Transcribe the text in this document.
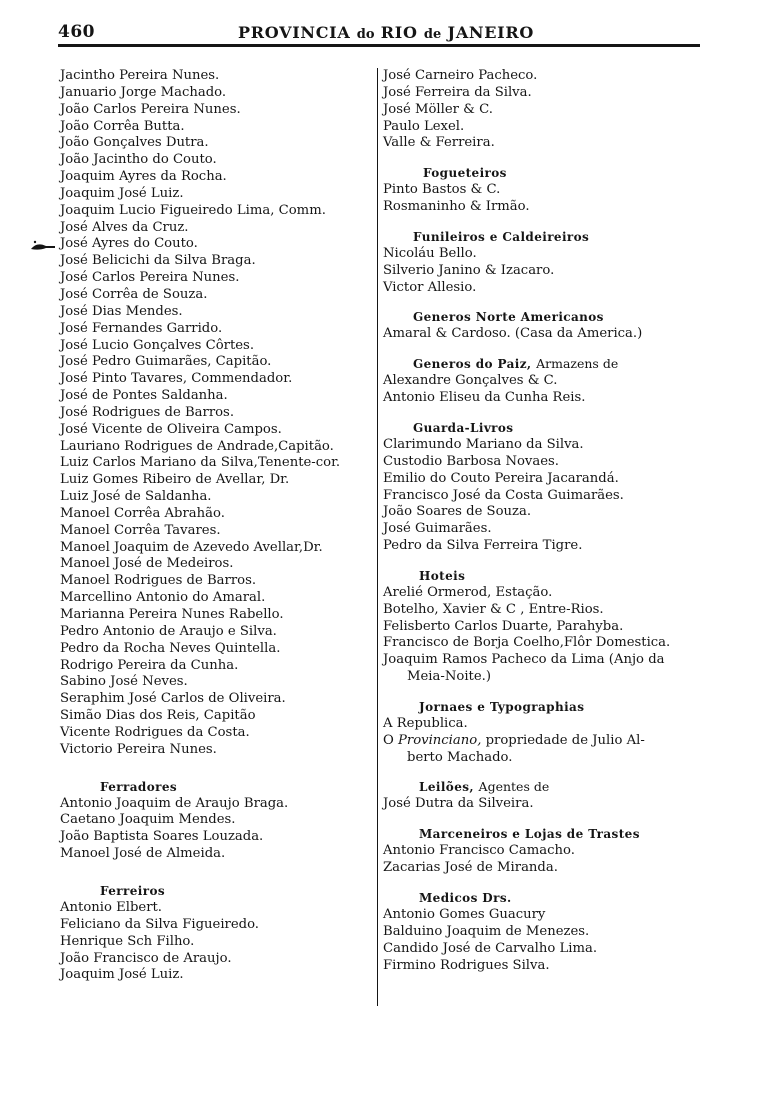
460	PROVINCIA do RIO de JANEIRO
Jacintho Pereira Nunes.
Januario Jorge Machado.
João Carlos Pereira Nunes.
João Corrêa Butta.
João Gonçalves Dutra.
João Jacintho do Couto.
Joaquim Ayres da Rocha.
Joaquim José Luiz.
Joaquim Lucio Figueiredo Lima, Comm.
José Alves da Cruz.
José Ayres do Couto.
José Belicichi da Silva Braga.
José Carlos Pereira Nunes.
José Corrêa de Souza.
José Dias Mendes.
José Fernandes Garrido.
José Lucio Gonçalves Côrtes.
José Pedro Guimarães, Capitão.
José Pinto Tavares, Commendador.
José de Pontes Saldanha.
José Rodrigues de Barros.
José Vicente de Oliveira Campos.
Lauriano Rodrigues de Andrade,Capitão.
Luiz Carlos Mariano da Silva,Tenente-cor.
Luiz Gomes Ribeiro de Avellar, Dr.
Luiz José de Saldanha.
Manoel Corrêa Abrahão.
Manoel Corrêa Tavares.
Manoel Joaquim de Azevedo Avellar,Dr.
Manoel José de Medeiros.
Manoel Rodrigues de Barros.
Marcellino Antonio do Amaral.
Marianna Pereira Nunes Rabello.
Pedro Antonio de Araujo e Silva.
Pedro da Rocha Neves Quintella.
Rodrigo Pereira da Cunha.
Sabino José Neves.
Seraphim José Carlos de Oliveira.
Simão Dias dos Reis, Capitão
Vicente Rodrigues da Costa.
Victorio Pereira Nunes.
Ferradores
Antonio Joaquim de Araujo Braga.
Caetano Joaquim Mendes.
João Baptista Soares Louzada.
Manoel José de Almeida.
Ferreiros
Antonio Elbert.
Feliciano da Silva Figueiredo.
Henrique Sch Filho.
João Francisco de Araujo.
Joaquim José Luiz.
José Carneiro Pacheco.
José Ferreira da Silva.
José Möller & C.
Paulo Lexel.
Valle & Ferreira.
Fogueteiros
Pinto Bastos & C.
Rosmaninho & Irmão.
Funileiros e Caldeireiros
Nicoláu Bello.
Silverio Janino & Izacaro.
Victor Allesio.
Generos Norte Americanos
Amaral & Cardoso. (Casa da America.)
Generos do Paiz, Armazens de
Alexandre Gonçalves & C.
Antonio Eliseu da Cunha Reis.
Guarda-Livros
Clarimundo Mariano da Silva.
Custodio Barbosa Novaes.
Emilio do Couto Pereira Jacarandá.
Francisco José da Costa Guimarães.
João Soares de Souza.
José Guimarães.
Pedro da Silva Ferreira Tigre.
Hoteis
Arelié Ormerod, Estação.
Botelho, Xavier & C , Entre-Rios.
Felisberto Carlos Duarte, Parahyba.
Francisco de Borja Coelho,Flôr Domestica.
Joaquim Ramos Pacheco da Lima (Anjo da
Meia-Noite.)
Jornaes e Typographias
A Republica.
O Provinciano, propriedade de Julio Al-
berto Machado.
Leilões, Agentes de
José Dutra da Silveira.
Marceneiros e Lojas de Trastes
Antonio Francisco Camacho.
Zacarias José de Miranda.
Medicos Drs.
Antonio Gomes Guacury
Balduino Joaquim de Menezes.
Candido José de Carvalho Lima.
Firmino Rodrigues Silva.
